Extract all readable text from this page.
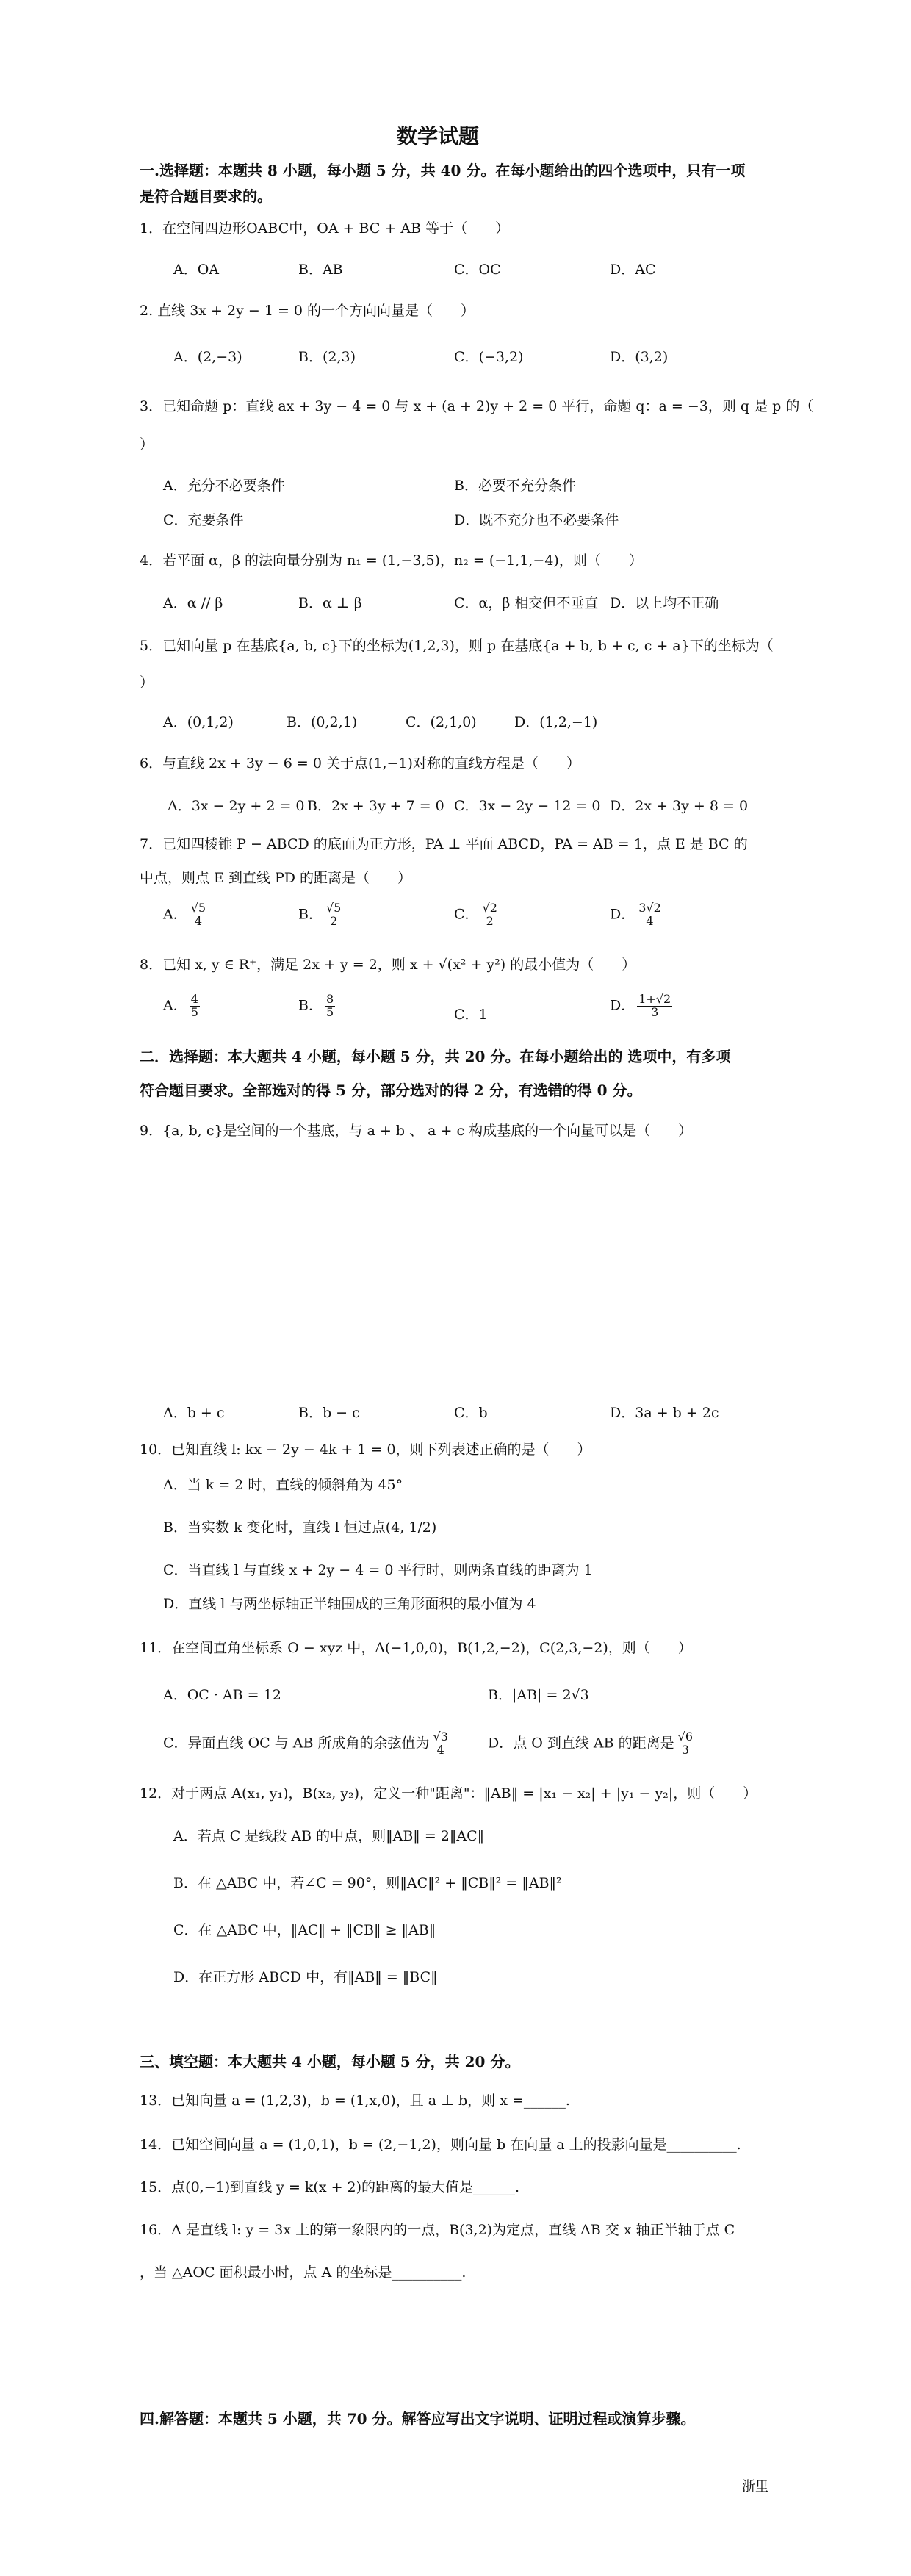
数学试题
一.选择题：本题共 8 小题，每小题 5 分，共 40 分。在每小题给出的四个选项中，只有一项
是符合题目要求的。
1．在空间四边形OABC中，OA + BC + AB 等于（　　）
A．OA	B．AB	C．OC	D．AC
2. 直线 3x + 2y − 1 = 0 的一个方向向量是（　　）
A．(2,−3)	B．(2,3)	C．(−3,2)	D．(3,2)
3．已知命题 p：直线 ax + 3y − 4 = 0 与 x + (a + 2)y + 2 = 0 平行，命题 q：a = −3，则 q 是 p 的（
）
A．充分不必要条件	B．必要不充分条件
C．充要条件	D．既不充分也不必要条件
4．若平面 α，β 的法向量分别为 n₁ = (1,−3,5)，n₂ = (−1,1,−4)，则（　　）
A．α // β	B．α ⊥ β	C．α，β 相交但不垂直 D．以上均不正确
5．已知向量 p 在基底{a, b, c}下的坐标为(1,2,3)，则 p 在基底{a + b, b + c, c + a}下的坐标为（
）
A．(0,1,2)	B．(0,2,1)	C．(2,1,0)	D．(1,2,−1)
6．与直线 2x + 3y − 6 = 0 关于点(1,−1)对称的直线方程是（　　）
A．3x − 2y + 2 = 0 B．2x + 3y + 7 = 0 C．3x − 2y − 12 = 0 D．2x + 3y + 8 = 0
7．已知四棱锥 P − ABCD 的底面为正方形，PA ⊥ 平面 ABCD，PA = AB = 1，点 E 是 BC 的
中点，则点 E 到直线 PD 的距离是（　　）
A． $\frac{√5}{4}$	B． $\frac{√5}{2}$	C． $\frac{√2}{2}$	D． $\frac{3√2}{4}$
8．已知 x, y ∈ R⁺，满足 2x + y = 2，则 x + √(x² + y²) 的最小值为（　　）
A． $\frac{4}{5}$	B． $\frac{8}{5}$	C．1
D． $\frac{1+√2}{3}$
二．选择题：本大题共 4 小题，每小题 5 分，共 20 分。在每小题给出的 选项中，有多项
符合题目要求。全部选对的得 5 分，部分选对的得 2 分，有选错的得 0 分。
9．{a, b, c}是空间的一个基底，与 a + b 、 a + c 构成基底的一个向量可以是（　　）
A．b + c	B．b − c	C．b	D．3a + b + 2c
10．已知直线 l: kx − 2y − 4k + 1 = 0，则下列表述正确的是（　　）
A．当 k = 2 时，直线的倾斜角为 45°
B．当实数 k 变化时，直线 l 恒过点(4, 1/2)
C．当直线 l 与直线 x + 2y − 4 = 0 平行时，则两条直线的距离为 1
D．直线 l 与两坐标轴正半轴围成的三角形面积的最小值为 4
11．在空间直角坐标系 O − xyz 中，A(−1,0,0)，B(1,2,−2)，C(2,3,−2)，则（　　）
A．OC · AB = 12	B．|AB| = 2√3
C．异面直线 OC 与 AB 所成角的余弦值为 $\frac{√3}{4}$	D．点 O 到直线 AB 的距离是 $\frac{√6}{3}$
12．对于两点 A(x₁, y₁)，B(x₂, y₂)，定义一种"距离"：‖AB‖ = |x₁ − x₂| + |y₁ − y₂|，则（　　）
A．若点 C 是线段 AB 的中点，则‖AB‖ = 2‖AC‖
B．在 △ABC 中，若∠C = 90°，则‖AC‖² + ‖CB‖² = ‖AB‖²
C．在 △ABC 中，‖AC‖ + ‖CB‖ ≥ ‖AB‖
D．在正方形 ABCD 中，有‖AB‖ = ‖BC‖
三、填空题：本大题共 4 小题，每小题 5 分，共 20 分。
13．已知向量 a = (1,2,3)，b = (1,x,0)，且 a ⊥ b，则 x =______.
14．已知空间向量 a = (1,0,1)，b = (2,−1,2)，则向量 b 在向量 a 上的投影向量是__________.
15．点(0,−1)到直线 y = k(x + 2)的距离的最大值是______.
16．A 是直线 l: y = 3x 上的第一象限内的一点，B(3,2)为定点，直线 AB 交 x 轴正半轴于点 C
，当 △AOC 面积最小时，点 A 的坐标是__________.
四.解答题：本题共 5 小题，共 70 分。解答应写出文字说明、证明过程或演算步骤。
浙里
